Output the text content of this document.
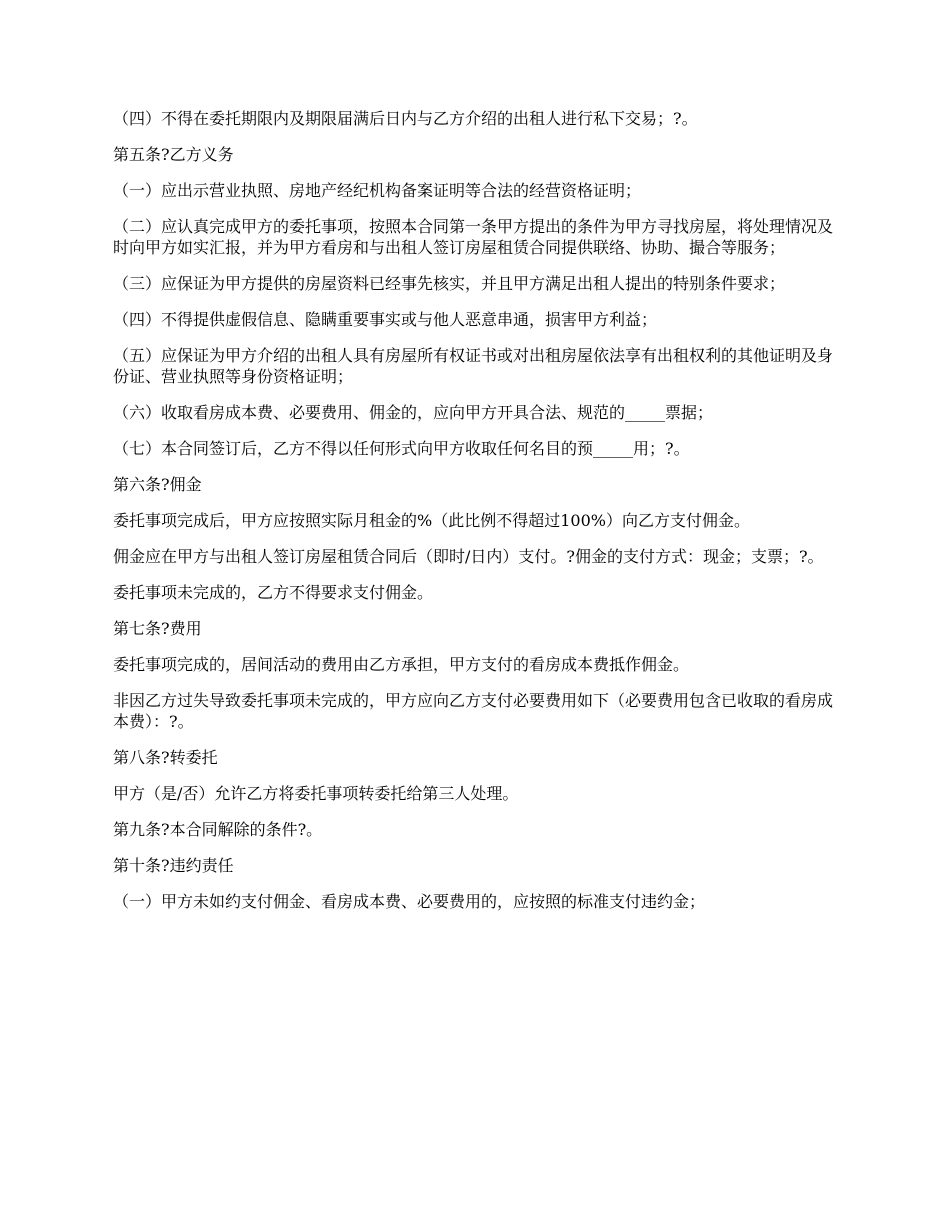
（四）不得在委托期限内及期限届满后日内与乙方介绍的出租人进行私下交易；?。

第五条?乙方义务

（一）应出示营业执照、房地产经纪机构备案证明等合法的经营资格证明；

（二）应认真完成甲方的委托事项，按照本合同第一条甲方提出的条件为甲方寻找房屋，将处理情况及时向甲方如实汇报，并为甲方看房和与出租人签订房屋租赁合同提供联络、协助、撮合等服务；

（三）应保证为甲方提供的房屋资料已经事先核实，并且甲方满足出租人提出的特别条件要求；

（四）不得提供虚假信息、隐瞒重要事实或与他人恶意串通，损害甲方利益；

（五）应保证为甲方介绍的出租人具有房屋所有权证书或对出租房屋依法享有出租权利的其他证明及身份证、营业执照等身份资格证明；

（六）收取看房成本费、必要费用、佣金的，应向甲方开具合法、规范的_____票据；

（七）本合同签订后，乙方不得以任何形式向甲方收取任何名目的预_____用；?。

第六条?佣金

委托事项完成后，甲方应按照实际月租金的%（此比例不得超过100%）向乙方支付佣金。

佣金应在甲方与出租人签订房屋租赁合同后（即时/日内）支付。?佣金的支付方式：现金；支票；?。

委托事项未完成的，乙方不得要求支付佣金。

第七条?费用

委托事项完成的，居间活动的费用由乙方承担，甲方支付的看房成本费抵作佣金。

非因乙方过失导致委托事项未完成的，甲方应向乙方支付必要费用如下（必要费用包含已收取的看房成本费）：?。

第八条?转委托

甲方（是/否）允许乙方将委托事项转委托给第三人处理。

第九条?本合同解除的条件?。

第十条?违约责任

（一）甲方未如约支付佣金、看房成本费、必要费用的，应按照的标准支付违约金；
